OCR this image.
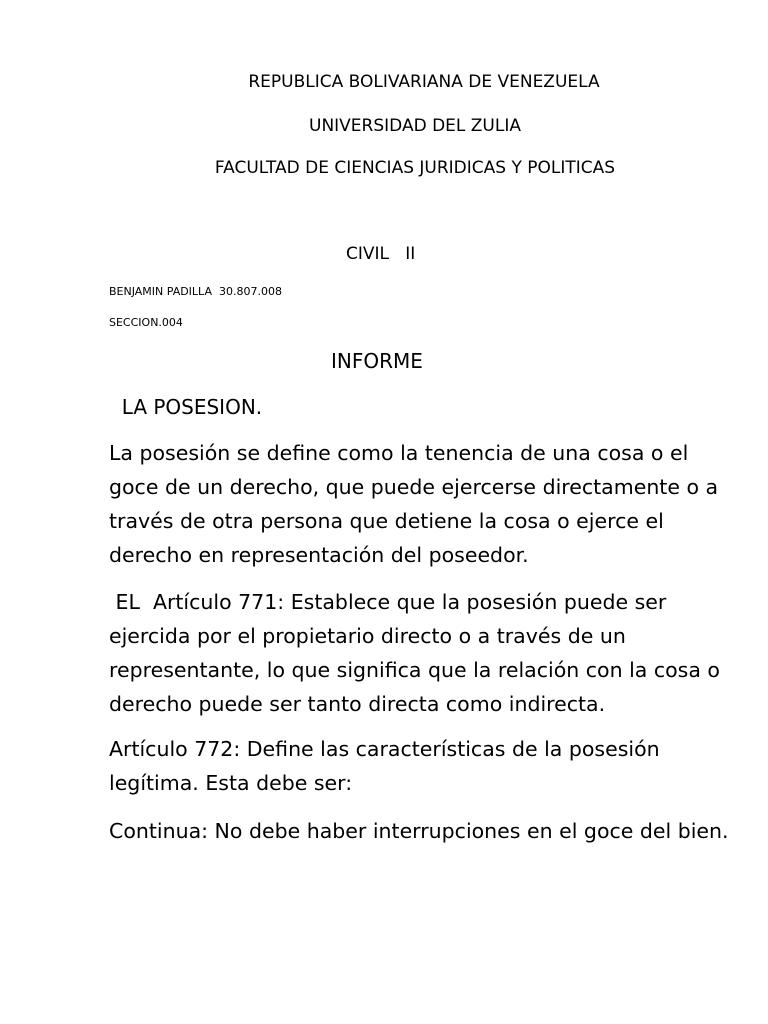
REPUBLICA BOLIVARIANA DE VENEZUELA

UNIVERSIDAD DEL ZULIA

FACULTAD DE CIENCIAS JURIDICAS Y POLITICAS

CIVIL   II

BENJAMIN PADILLA  30.807.008

SECCION.004

INFORME

LA POSESION.

La posesión se define como la tenencia de una cosa o el goce de un derecho, que puede ejercerse directamente o a través de otra persona que detiene la cosa o ejerce el derecho en representación del poseedor.

EL  Artículo 771: Establece que la posesión puede ser ejercida por el propietario directo o a través de un representante, lo que significa que la relación con la cosa o derecho puede ser tanto directa como indirecta.

Artículo 772: Define las características de la posesión legítima. Esta debe ser:

Continua: No debe haber interrupciones en el goce del bien.
